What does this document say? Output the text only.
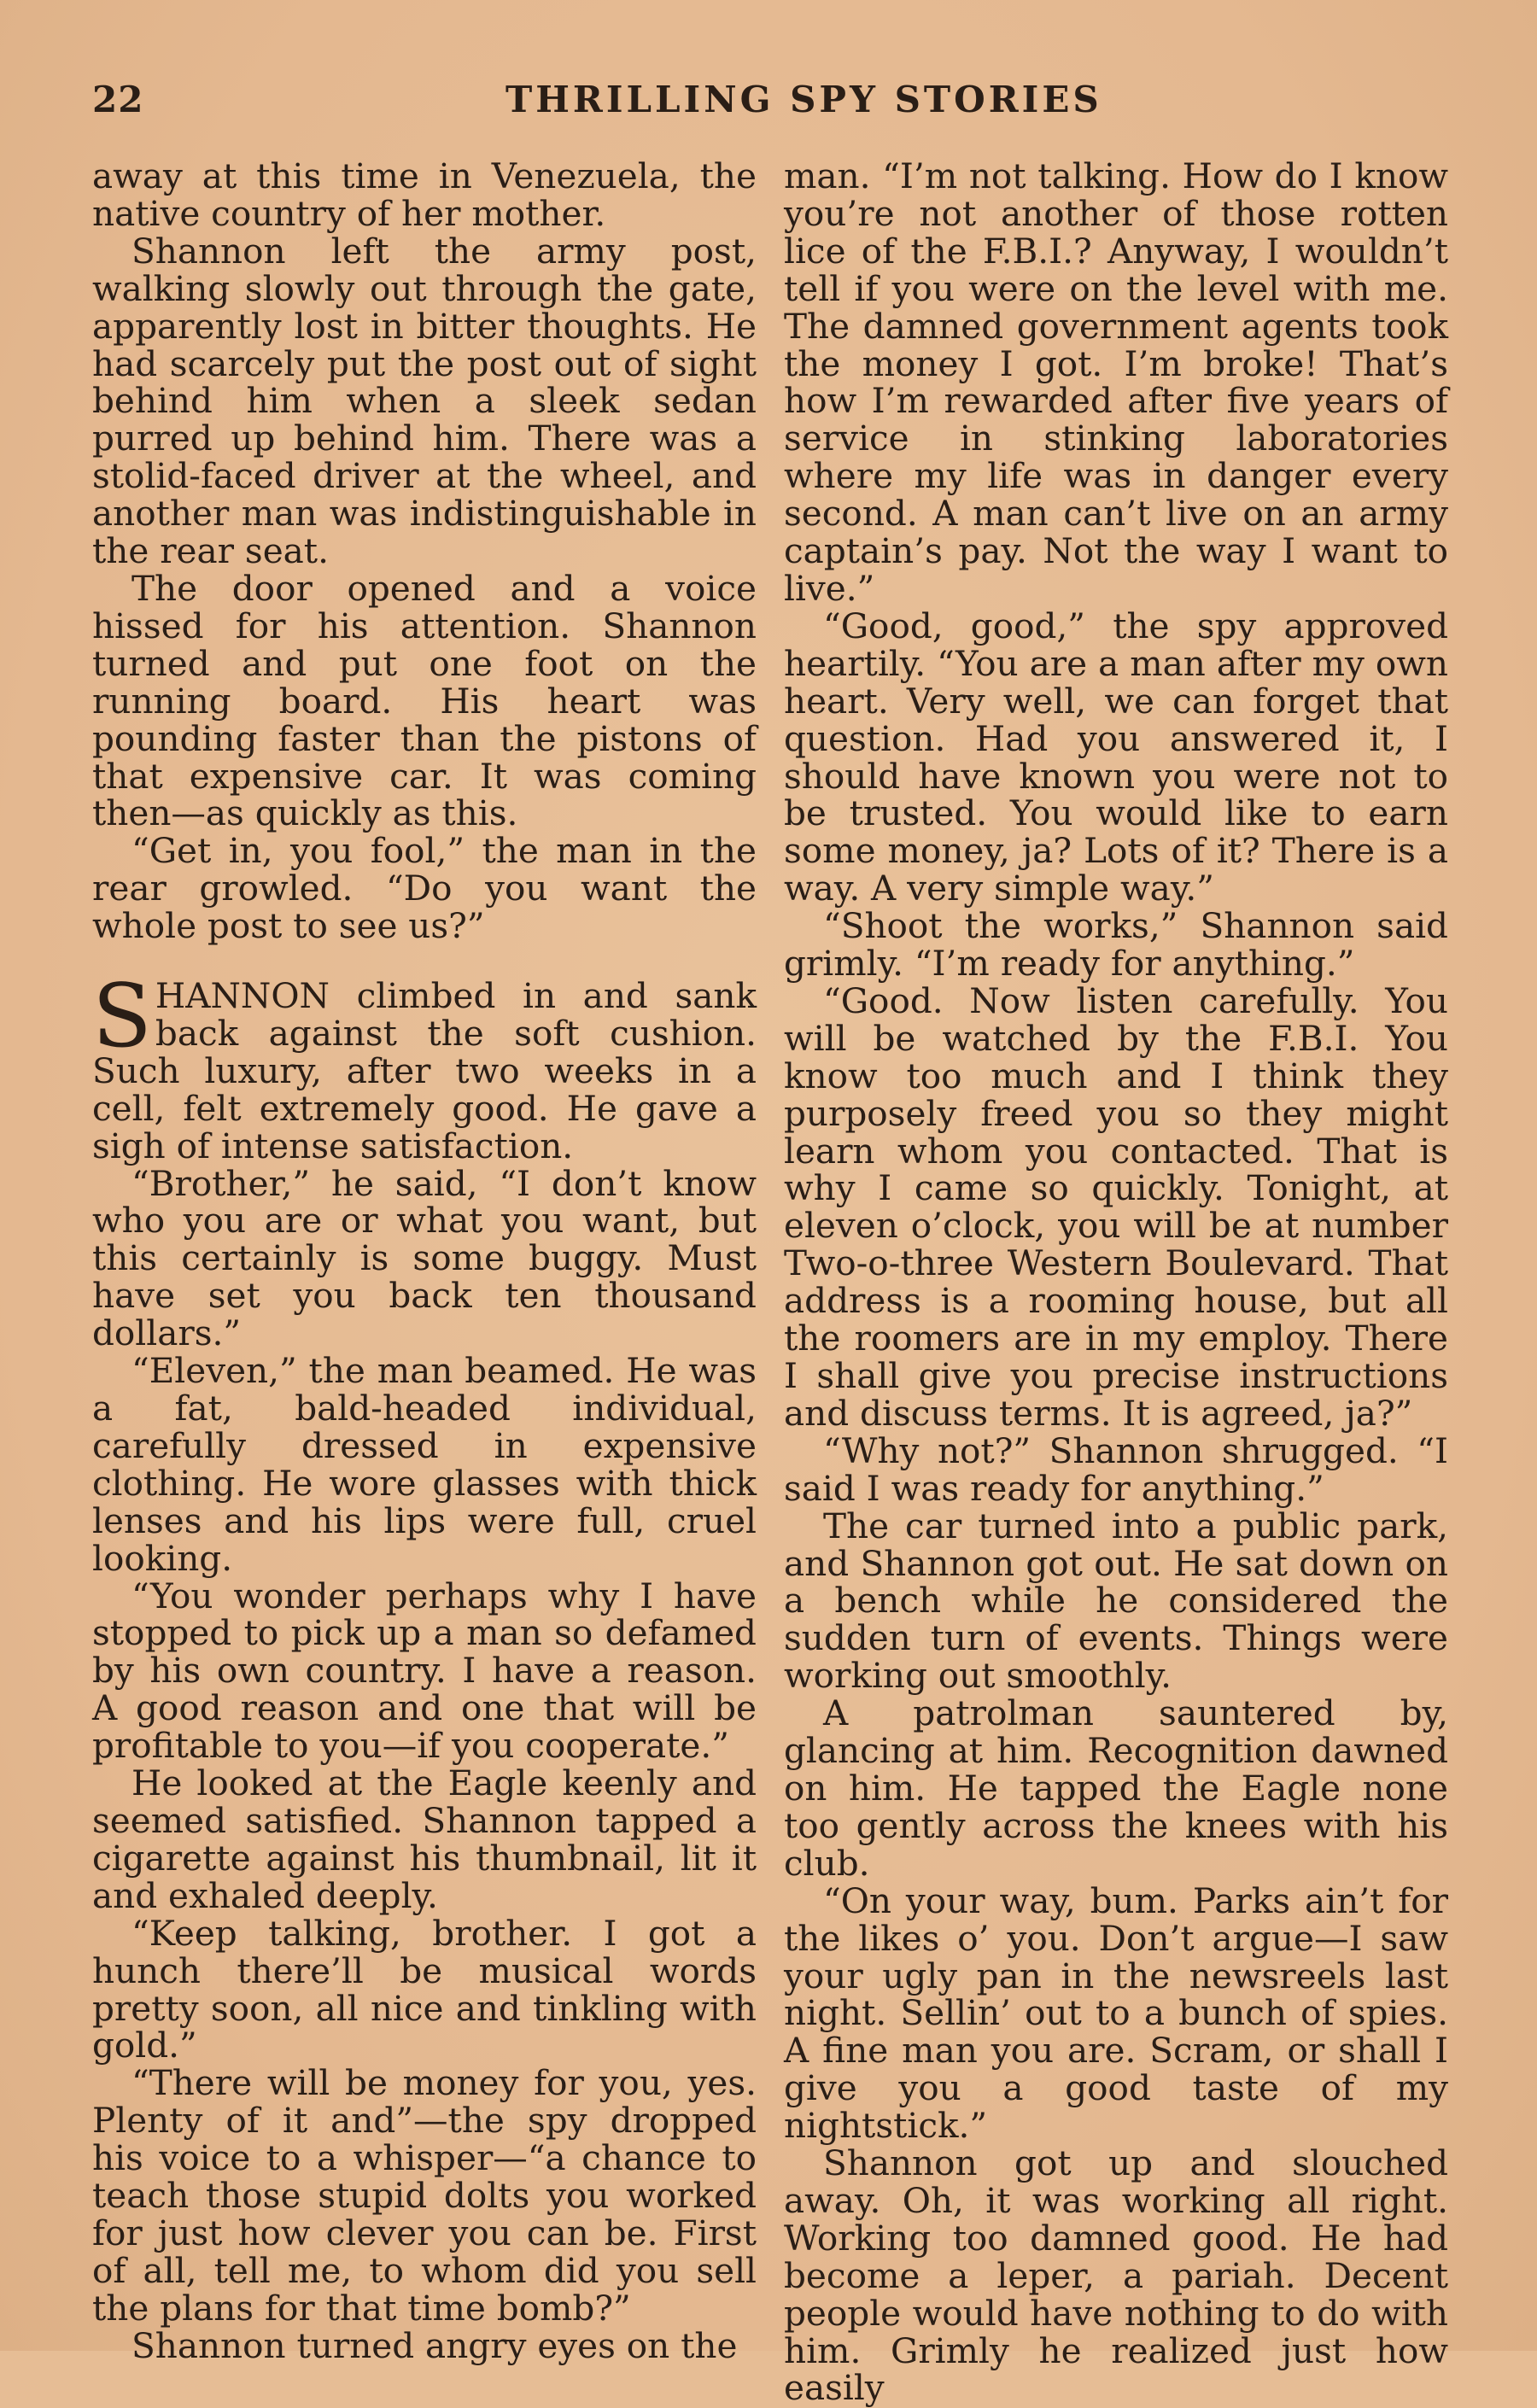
22	THRILLING SPY STORIES

away at this time in Venezuela, the native country of her mother.

Shannon left the army post, walking slowly out through the gate, apparently lost in bitter thoughts. He had scarcely put the post out of sight behind him when a sleek sedan purred up behind him. There was a stolid-faced driver at the wheel, and another man was indistinguishable in the rear seat.

The door opened and a voice hissed for his attention. Shannon turned and put one foot on the running board. His heart was pounding faster than the pistons of that expensive car. It was coming then—as quickly as this.

“Get in, you fool,” the man in the rear growled. “Do you want the whole post to see us?”

SHANNON climbed in and sank back against the soft cushion. Such luxury, after two weeks in a cell, felt extremely good. He gave a sigh of intense satisfaction.

“Brother,” he said, “I don’t know who you are or what you want, but this certainly is some buggy. Must have set you back ten thousand dollars.”

“Eleven,” the man beamed. He was a fat, bald-headed individual, carefully dressed in expensive clothing. He wore glasses with thick lenses and his lips were full, cruel looking.

“You wonder perhaps why I have stopped to pick up a man so defamed by his own country. I have a reason. A good reason and one that will be profitable to you—if you cooperate.”

He looked at the Eagle keenly and seemed satisfied. Shannon tapped a cigarette against his thumbnail, lit it and exhaled deeply.

“Keep talking, brother. I got a hunch there’ll be musical words pretty soon, all nice and tinkling with gold.”

“There will be money for you, yes. Plenty of it and”—the spy dropped his voice to a whisper—“a chance to teach those stupid dolts you worked for just how clever you can be. First of all, tell me, to whom did you sell the plans for that time bomb?”

Shannon turned angry eyes on the

man. “I’m not talking. How do I know you’re not another of those rotten lice of the F.B.I.? Anyway, I wouldn’t tell if you were on the level with me. The damned government agents took the money I got. I’m broke! That’s how I’m rewarded after five years of service in stinking laboratories where my life was in danger every second. A man can’t live on an army captain’s pay. Not the way I want to live.”

“Good, good,” the spy approved heartily. “You are a man after my own heart. Very well, we can forget that question. Had you answered it, I should have known you were not to be trusted. You would like to earn some money, ja? Lots of it? There is a way. A very simple way.”

“Shoot the works,” Shannon said grimly. “I’m ready for anything.”

“Good. Now listen carefully. You will be watched by the F.B.I. You know too much and I think they purposely freed you so they might learn whom you contacted. That is why I came so quickly. Tonight, at eleven o’clock, you will be at number Two-o-three Western Boulevard. That address is a rooming house, but all the roomers are in my employ. There I shall give you precise instructions and discuss terms. It is agreed, ja?”

“Why not?” Shannon shrugged. “I said I was ready for anything.”

The car turned into a public park, and Shannon got out. He sat down on a bench while he considered the sudden turn of events. Things were working out smoothly.

A patrolman sauntered by, glancing at him. Recognition dawned on him. He tapped the Eagle none too gently across the knees with his club.

“On your way, bum. Parks ain’t for the likes o’ you. Don’t argue—I saw your ugly pan in the newsreels last night. Sellin’ out to a bunch of spies. A fine man you are. Scram, or shall I give you a good taste of my nightstick.”

Shannon got up and slouched away. Oh, it was working all right. Working too damned good. He had become a leper, a pariah. Decent people would have nothing to do with him. Grimly he realized just how easily
